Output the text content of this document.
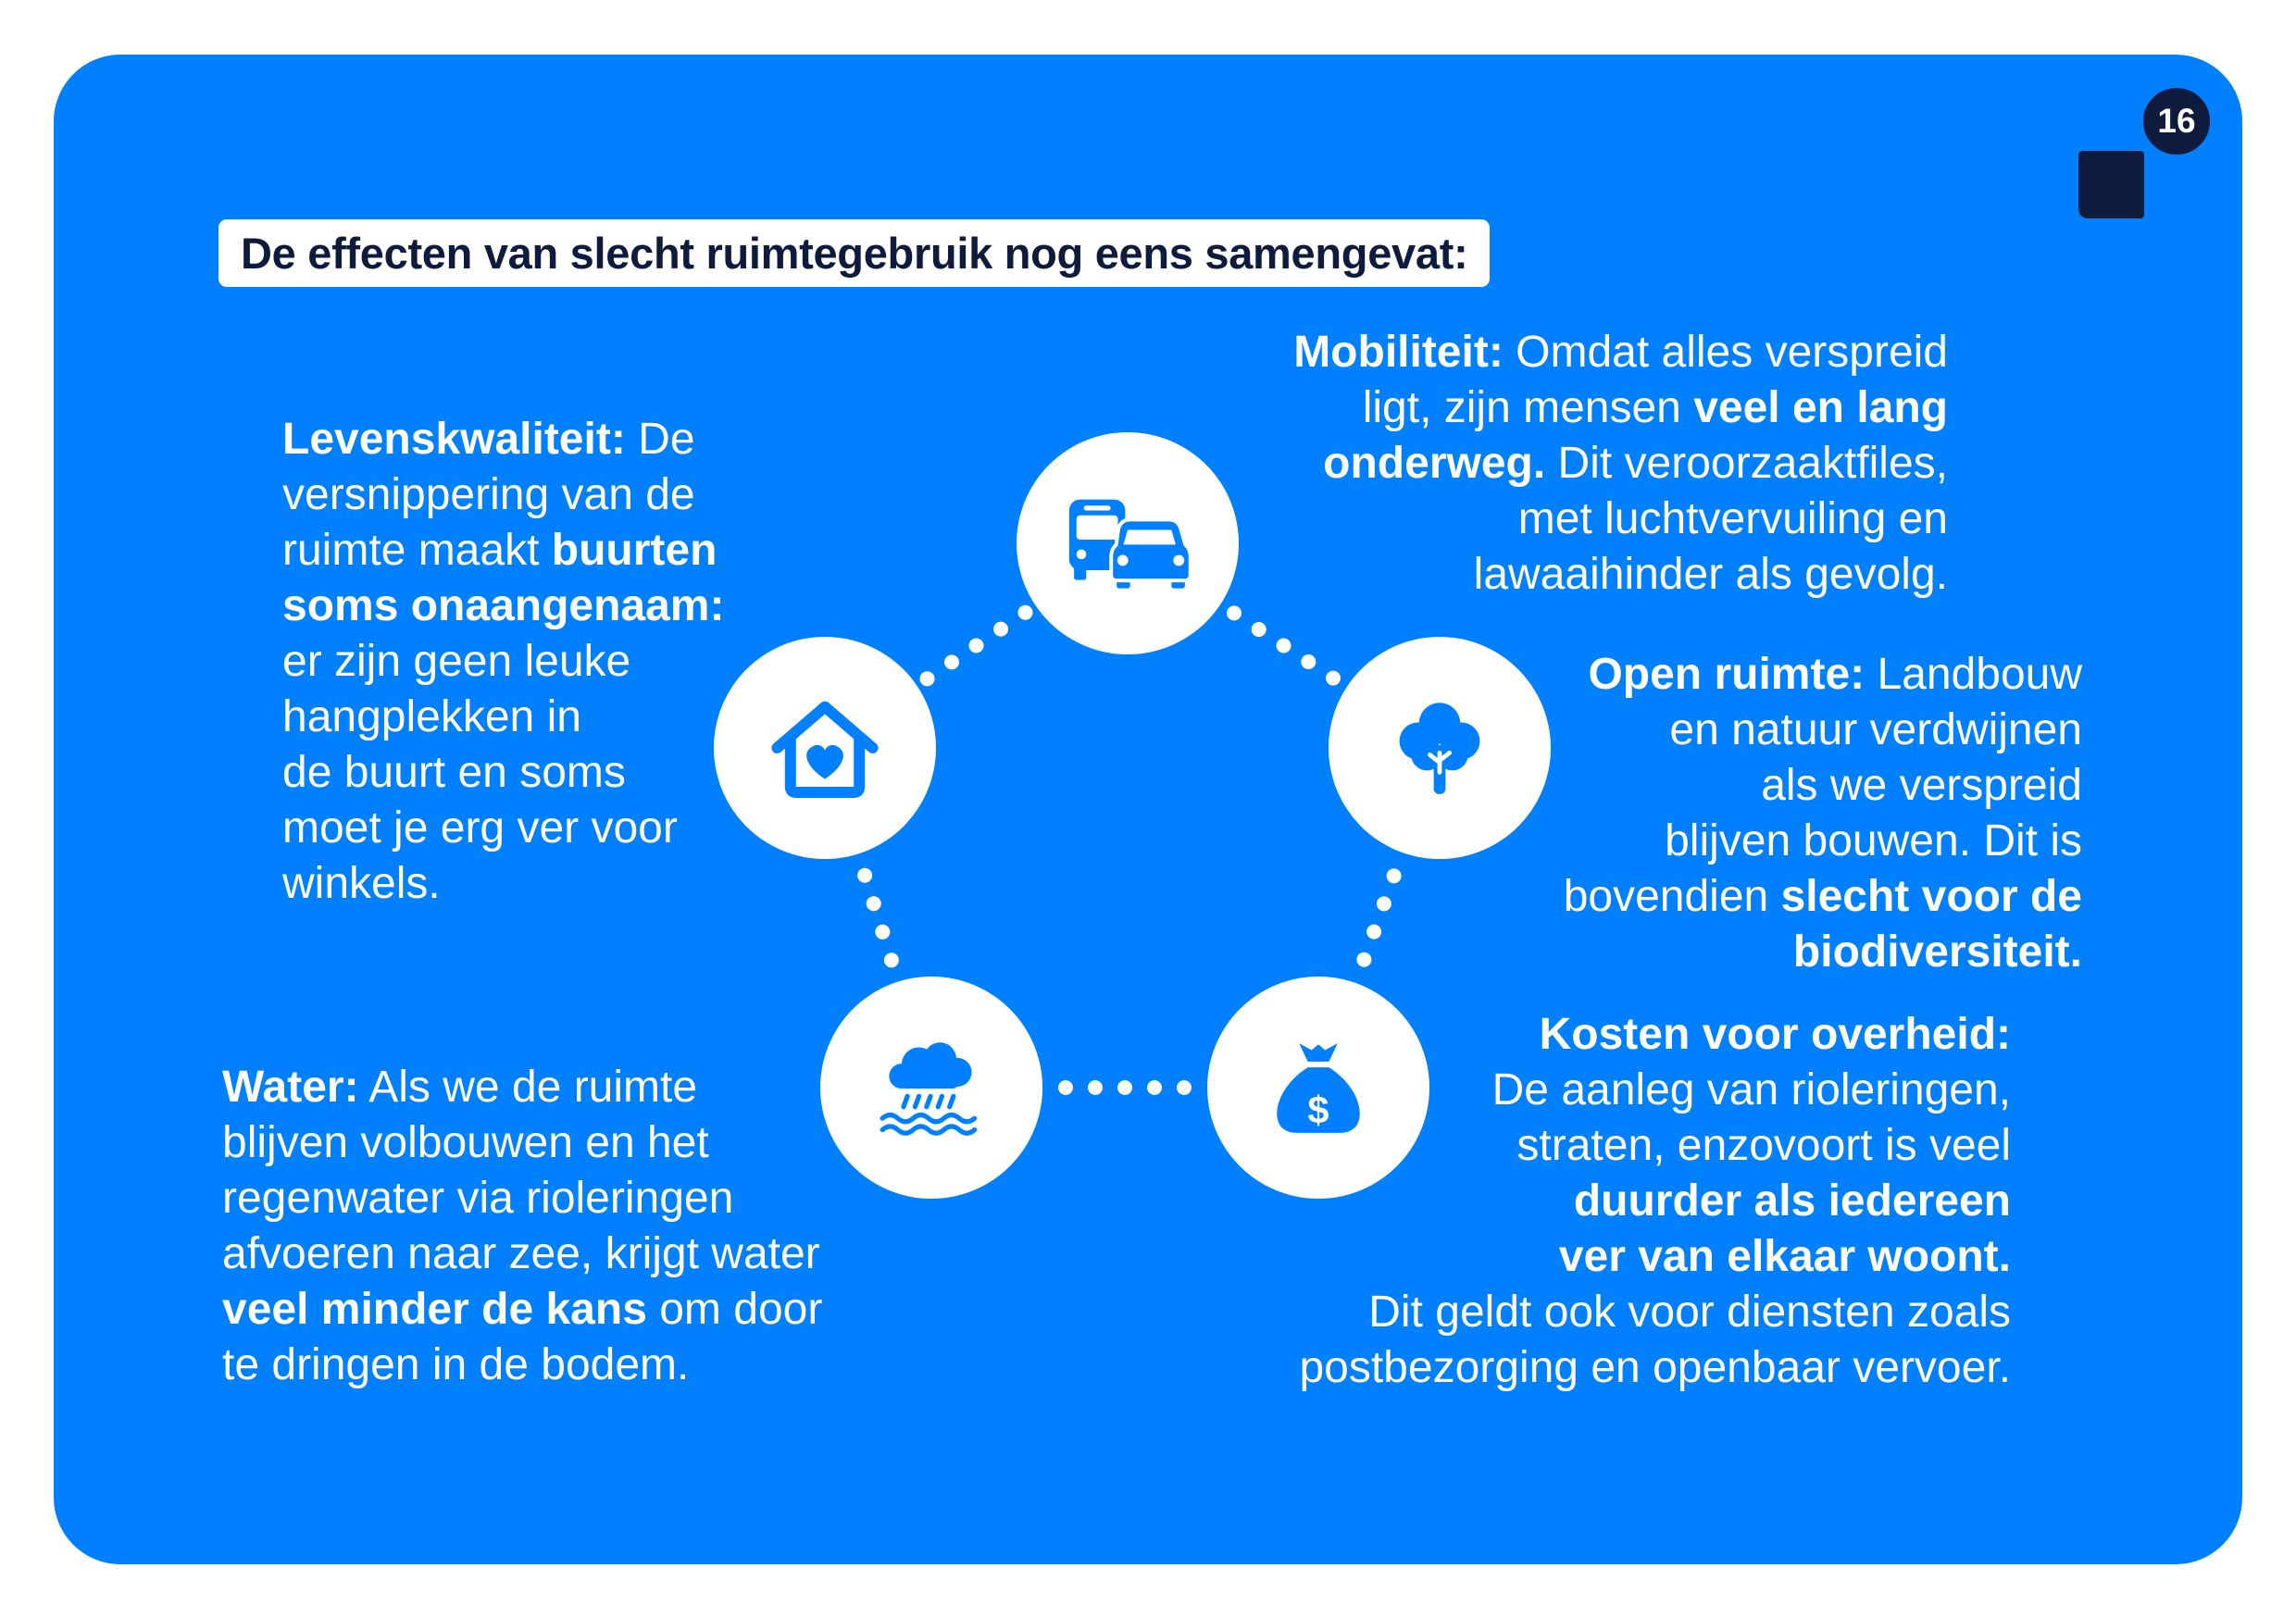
16
De effecten van slecht ruimtegebruik nog eens samengevat:
$
Mobiliteit: Omdat alles verspreid
ligt, zijn mensen veel en lang
onderweg. Dit veroorzaaktfiles,
met luchtvervuiling en
lawaaihinder als gevolg.
Levenskwaliteit: De
versnippering van de
ruimte maakt buurten
soms onaangenaam:
er zijn geen leuke
hangplekken in
de buurt en soms
moet je erg ver voor
winkels.
Open ruimte: Landbouw
en natuur verdwijnen
als we verspreid
blijven bouwen. Dit is
bovendien slecht voor de
biodiversiteit.
Water: Als we de ruimte
blijven volbouwen en het
regenwater via rioleringen
afvoeren naar zee, krijgt water
veel minder de kans om door
te dringen in de bodem.
Kosten voor overheid:
De aanleg van rioleringen,
straten, enzovoort is veel
duurder als iedereen
ver van elkaar woont.
Dit geldt ook voor diensten zoals
postbezorging en openbaar vervoer.
